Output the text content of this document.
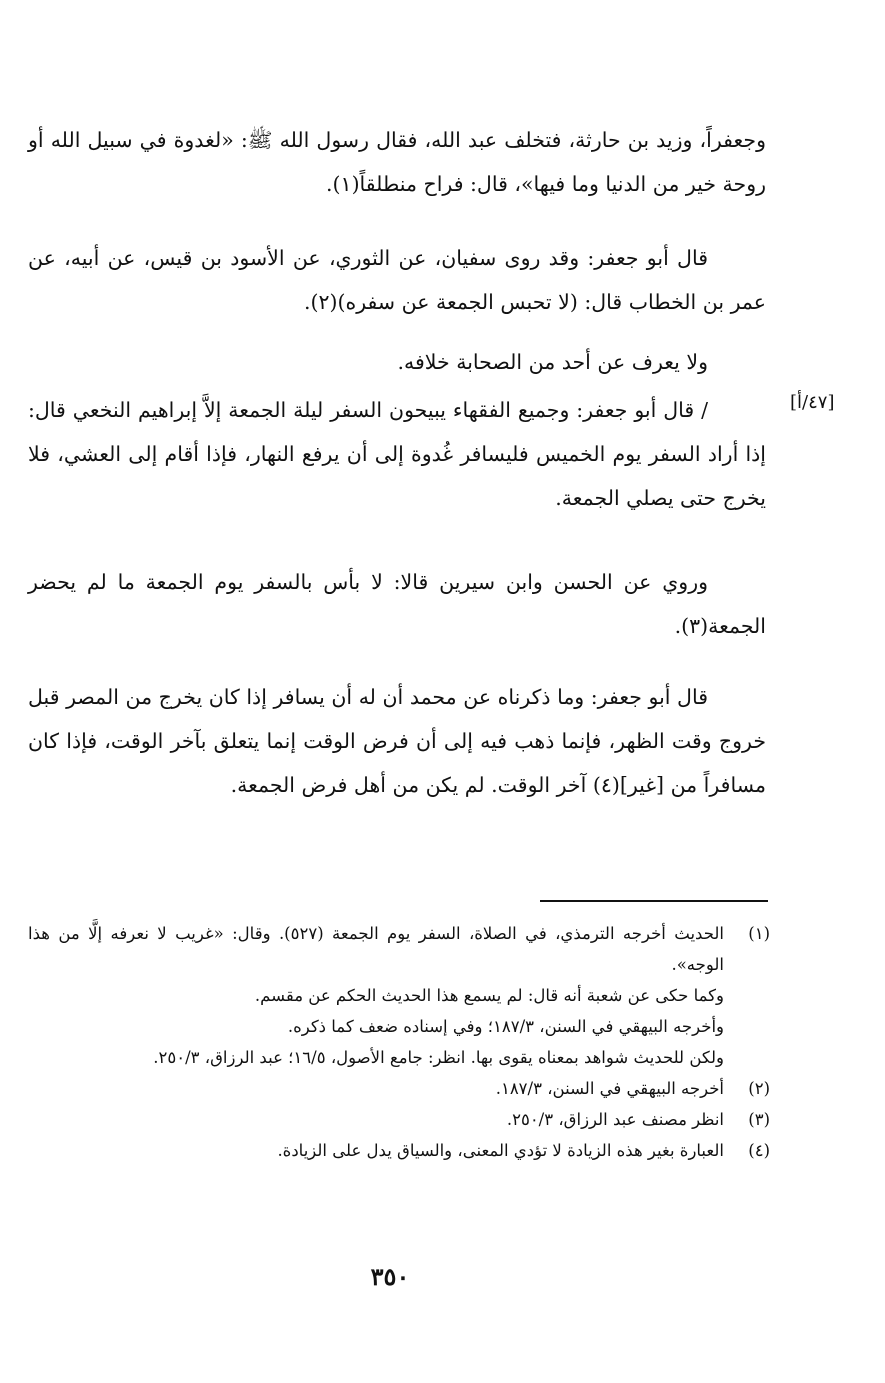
وجعفراً، وزيد بن حارثة، فتخلف عبد الله، فقال رسول الله ﷺ: «لغدوة في سبيل الله أو روحة خير من الدنيا وما فيها»، قال: فراح منطلقاً(١).

قال أبو جعفر: وقد روى سفيان، عن الثوري، عن الأسود بن قيس، عن أبيه، عن عمر بن الخطاب قال: (لا تحبس الجمعة عن سفره)(٢).

ولا يعرف عن أحد من الصحابة خلافه.

[٤٧/أ]

/ قال أبو جعفر: وجميع الفقهاء يبيحون السفر ليلة الجمعة إلاَّ إبراهيم النخعي قال: إذا أراد السفر يوم الخميس فليسافر غُدوة إلى أن يرفع النهار، فإذا أقام إلى العشي، فلا يخرج حتى يصلي الجمعة.

وروي عن الحسن وابن سيرين قالا: لا بأس بالسفر يوم الجمعة ما لم يحضر الجمعة(٣).

قال أبو جعفر: وما ذكرناه عن محمد أن له أن يسافر إذا كان يخرج من المصر قبل خروج وقت الظهر، فإنما ذهب فيه إلى أن فرض الوقت إنما يتعلق بآخر الوقت، فإذا كان مسافراً من [غير](٤) آخر الوقت. لم يكن من أهل فرض الجمعة.

(١)

الحديث أخرجه الترمذي، في الصلاة، السفر يوم الجمعة (٥٢٧). وقال: «غريب لا نعرفه إلَّا من هذا الوجه».

وكما حكى عن شعبة أنه قال: لم يسمع هذا الحديث الحكم عن مقسم.

وأخرجه البيهقي في السنن، ١٨٧/٣؛ وفي إسناده ضعف كما ذكره.

ولكن للحديث شواهد بمعناه يقوى بها. انظر: جامع الأصول، ١٦/٥؛ عبد الرزاق، ٢٥٠/٣.

(٢)

أخرجه البيهقي في السنن، ١٨٧/٣.

(٣)

انظر مصنف عبد الرزاق، ٢٥٠/٣.

(٤)

العبارة بغير هذه الزيادة لا تؤدي المعنى، والسياق يدل على الزيادة.

٣٥٠
